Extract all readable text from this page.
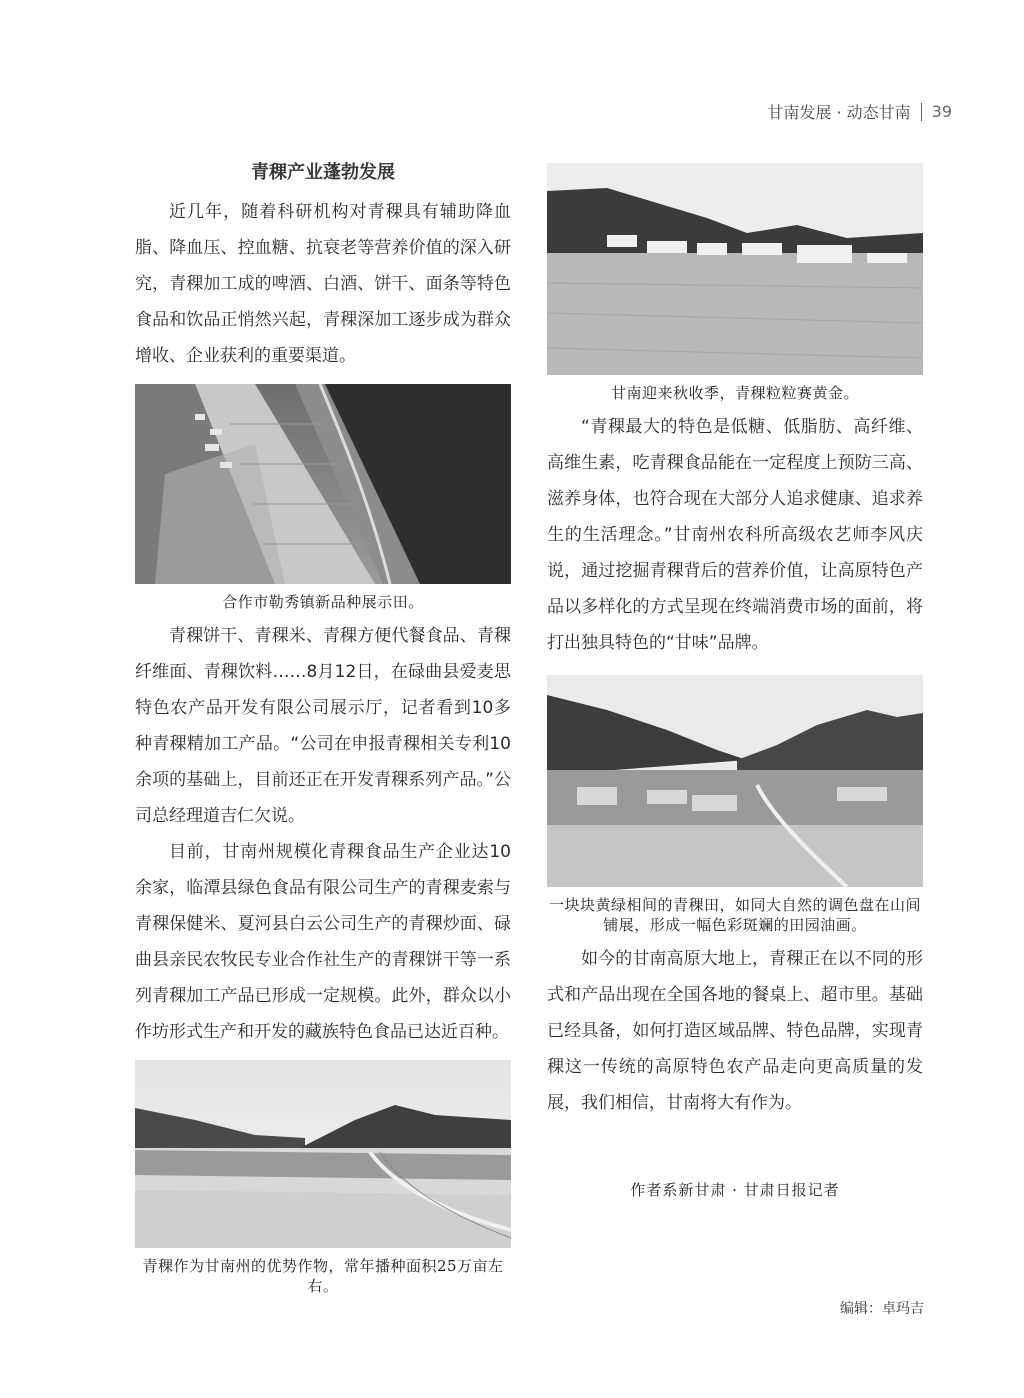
甘南发展 · 动态甘南 39
青稞产业蓬勃发展

近几年，随着科研机构对青稞具有辅助降血脂、降血压、控血糖、抗衰老等营养价值的深入研究，青稞加工成的啤酒、白酒、饼干、面条等特色食品和饮品正悄然兴起，青稞深加工逐步成为群众增收、企业获利的重要渠道。

合作市勒秀镇新品种展示田。

青稞饼干、青稞米、青稞方便代餐食品、青稞纤维面、青稞饮料……8月12日，在碌曲县爱麦思特色农产品开发有限公司展示厅，记者看到10多种青稞精加工产品。“公司在申报青稞相关专利10余项的基础上，目前还正在开发青稞系列产品。”公司总经理道吉仁欠说。

目前，甘南州规模化青稞食品生产企业达10余家，临潭县绿色食品有限公司生产的青稞麦索与青稞保健米、夏河县白云公司生产的青稞炒面、碌曲县亲民农牧民专业合作社生产的青稞饼干等一系列青稞加工产品已形成一定规模。此外，群众以小作坊形式生产和开发的藏族特色食品已达近百种。

青稞作为甘南州的优势作物，常年播种面积25万亩左右。
甘南迎来秋收季，青稞粒粒赛黄金。

“青稞最大的特色是低糖、低脂肪、高纤维、高维生素，吃青稞食品能在一定程度上预防三高、滋养身体，也符合现在大部分人追求健康、追求养生的生活理念。”甘南州农科所高级农艺师李风庆说，通过挖掘青稞背后的营养价值，让高原特色产品以多样化的方式呈现在终端消费市场的面前，将打出独具特色的“甘味”品牌。

一块块黄绿相间的青稞田，如同大自然的调色盘在山间铺展，形成一幅色彩斑斓的田园油画。

如今的甘南高原大地上，青稞正在以不同的形式和产品出现在全国各地的餐桌上、超市里。基础已经具备，如何打造区域品牌、特色品牌，实现青稞这一传统的高原特色农产品走向更高质量的发展，我们相信，甘南将大有作为。

作者系新甘肃 · 甘肃日报记者
编辑：卓玛吉
